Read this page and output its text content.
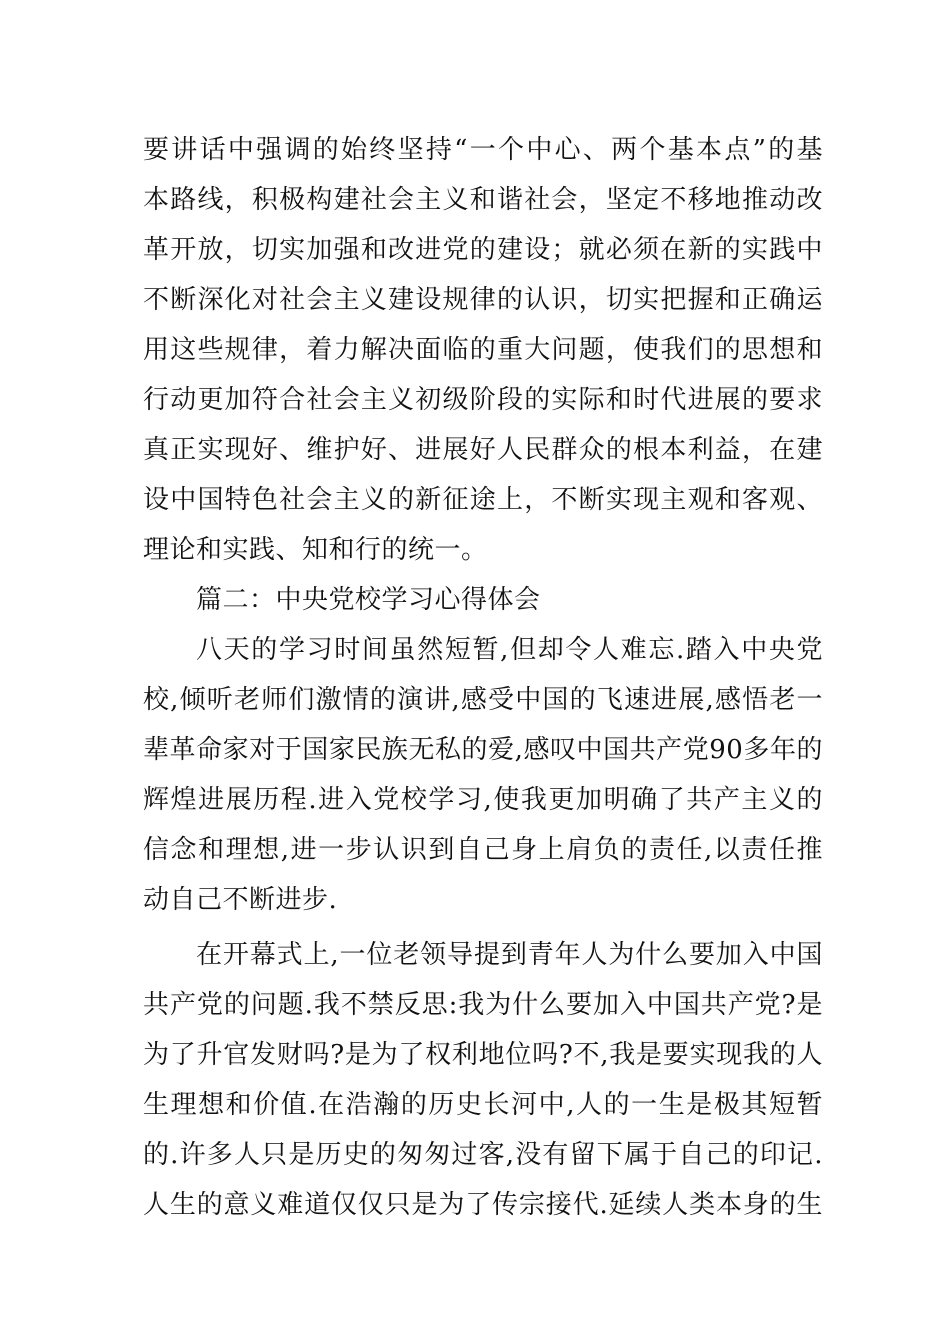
要讲话中强调的始终坚持“一个中心、两个基本点”的基
本路线，积极构建社会主义和谐社会，坚定不移地推动改
革开放，切实加强和改进党的建设；就必须在新的实践中
不断深化对社会主义建设规律的认识，切实把握和正确运
用这些规律，着力解决面临的重大问题，使我们的思想和
行动更加符合社会主义初级阶段的实际和时代进展的要求
真正实现好、维护好、进展好人民群众的根本利益，在建
设中国特色社会主义的新征途上，不断实现主观和客观、
理论和实践、知和行的统一。
篇二：中央党校学习心得体会
八天的学习时间虽然短暂,但却令人难忘.踏入中央党
校,倾听老师们激情的演讲,感受中国的飞速进展,感悟老一
辈革命家对于国家民族无私的爱,感叹中国共产党90多年的
辉煌进展历程.进入党校学习,使我更加明确了共产主义的
信念和理想,进一步认识到自己身上肩负的责任,以责任推
动自己不断进步.
在开幕式上,一位老领导提到青年人为什么要加入中国
共产党的问题.我不禁反思:我为什么要加入中国共产党?是
为了升官发财吗?是为了权利地位吗?不,我是要实现我的人
生理想和价值.在浩瀚的历史长河中,人的一生是极其短暂
的.许多人只是历史的匆匆过客,没有留下属于自己的印记.
人生的意义难道仅仅只是为了传宗接代.延续人类本身的生
